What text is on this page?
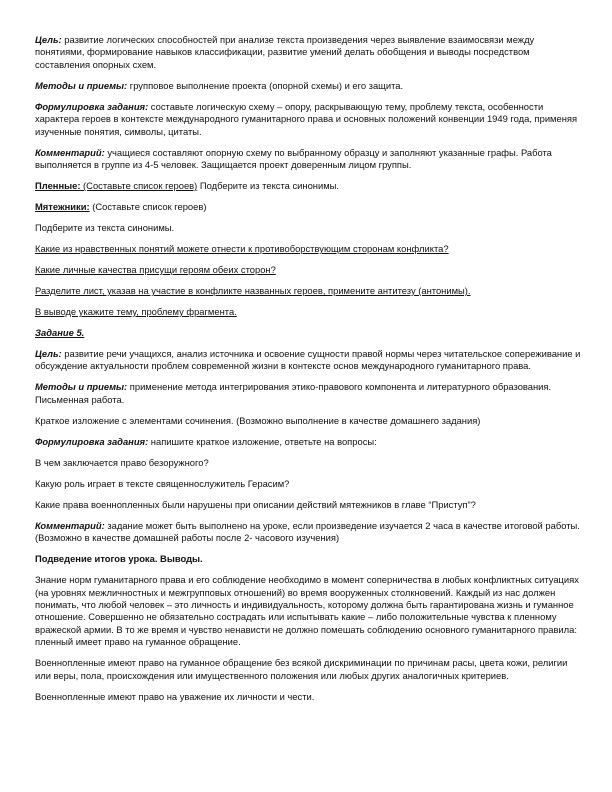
Цель: развитие логических способностей при анализе текста произведения через выявление взаимосвязи между понятиями, формирование навыков классификации, развитие умений делать обобщения и выводы посредством составления опорных схем.

Методы и приемы: групповое выполнение проекта (опорной схемы) и его защита.

Формулировка задания: составьте логическую схему – опору, раскрывающую тему, проблему текста, особенности характера героев в контексте международного гуманитарного права и основных положений конвенции 1949 года, применяя изученные понятия, символы, цитаты.

Комментарий: учащиеся составляют опорную схему по выбранному образцу и заполняют указанные графы. Работа выполняется в группе из 4-5 человек. Защищается проект доверенным лицом группы.

Пленные: (Составьте список героев) Подберите из текста синонимы.

Мятежники: (Составьте список героев)

Подберите из текста синонимы.

Какие из нравственных понятий можете отнести к противоборствующим сторонам конфликта?

Какие личные качества присущи героям обеих сторон?

Разделите лист, указав на участие в конфликте названных героев, примените антитезу (антонимы).

В выводе укажите тему, проблему фрагмента.

Задание 5.

Цель: развитие речи учащихся, анализ источника и освоение сущности правой нормы через читательское сопереживание и обсуждение актуальности проблем современной жизни в контексте основ международного гуманитарного права.

Методы и приемы: применение метода интегрирования этико-правового компонента и литературного образования. Письменная работа.

Краткое изложение с элементами сочинения. (Возможно выполнение в качестве домашнего задания)

Формулировка задания: напишите краткое изложение, ответьте на вопросы:

В чем заключается право безоружного?

Какую роль играет в тексте священнослужитель Герасим?

Какие права военнопленных были нарушены при описании действий мятежников в главе “Приступ”?

Комментарий: задание может быть выполнено на уроке, если произведение изучается 2 часа в качестве итоговой работы. (Возможно в качестве домашней работы после 2- часового изучения)

Подведение итогов урока. Выводы.

Знание норм гуманитарного права и его соблюдение необходимо в момент соперничества в любых конфликтных ситуациях (на уровнях межличностных и межгрупповых отношений) во время вооруженных столкновений. Каждый из нас должен понимать, что любой человек – это личность и индивидуальность, которому должна быть гарантирована жизнь и гуманное отношение. Совершенно не обязательно сострадать или испытывать какие – либо положительные чувства к пленному вражеской армии. В то же время и чувство ненависти не должно помешать соблюдению основного гуманитарного правила: пленный имеет право на гуманное обращение.

Военнопленные имеют право на гуманное обращение без всякой дискриминации по причинам расы, цвета кожи, религии или веры, пола, происхождения или имущественного положения или любых других аналогичных критериев.

Военнопленные имеют право на уважение их личности и чести.
